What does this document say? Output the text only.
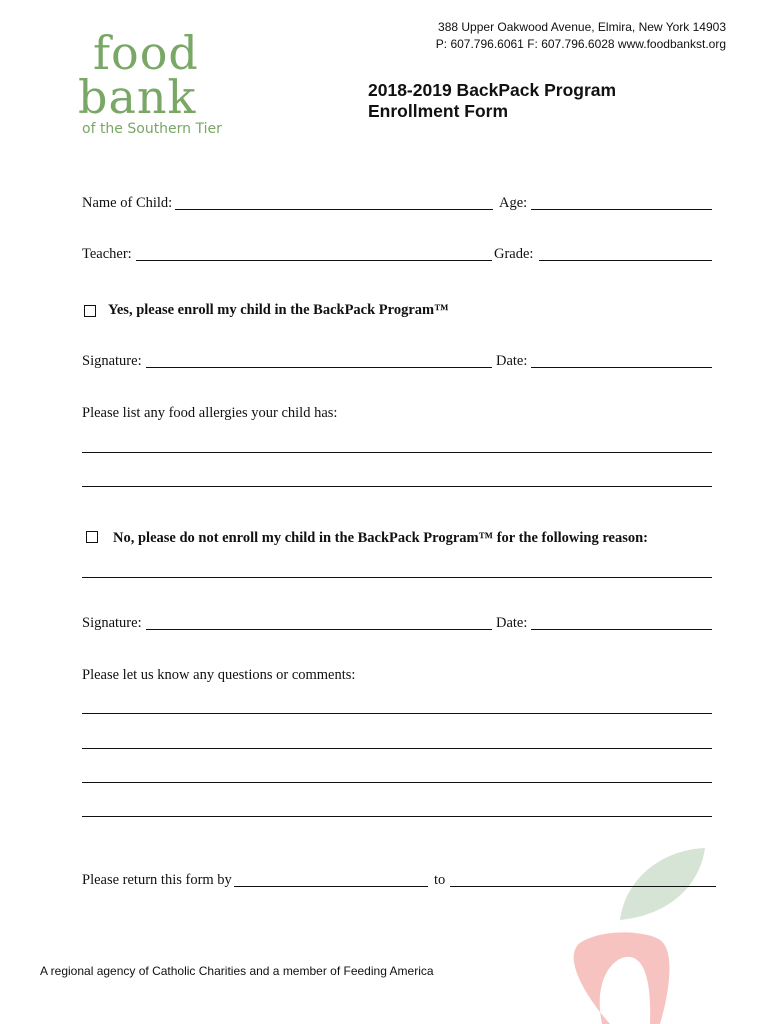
food
bank
of the Southern Tier
388 Upper Oakwood Avenue, Elmira, New York 14903
P: 607.796.6061 F: 607.796.6028 www.foodbankst.org
2018-2019 BackPack Program
Enrollment Form
Name of Child:	Age:
Teacher:	Grade:
Yes, please enroll my child in the BackPack Program™
Signature:	Date:
Please list any food allergies your child has:
No, please do not enroll my child in the BackPack Program™ for the following reason:
Signature:	Date:
Please let us know any questions or comments:
Please return this form by	to
A regional agency of Catholic Charities and a member of Feeding America
